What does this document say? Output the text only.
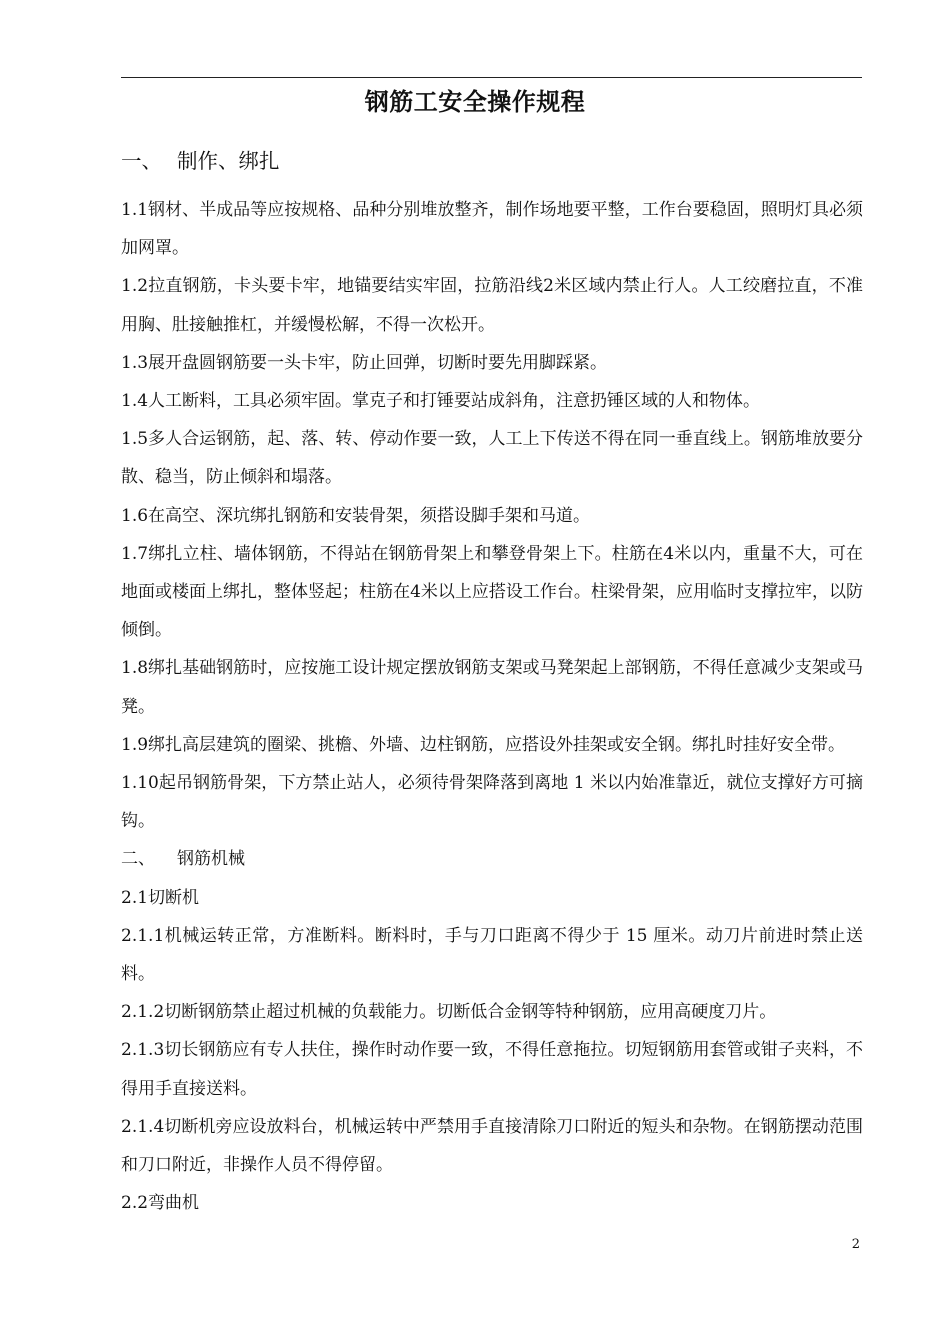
钢筋工安全操作规程
一、 制作、绑扎

1.1钢材、半成品等应按规格、品种分别堆放整齐，制作场地要平整，工作台要稳固，照明灯具必须加网罩。

1.2拉直钢筋，卡头要卡牢，地锚要结实牢固，拉筋沿线2米区域内禁止行人。人工绞磨拉直，不准用胸、肚接触推杠，并缓慢松解，不得一次松开。

1.3展开盘圆钢筋要一头卡牢，防止回弹，切断时要先用脚踩紧。

1.4人工断料，工具必须牢固。掌克子和打锤要站成斜角，注意扔锤区域的人和物体。

1.5多人合运钢筋，起、落、转、停动作要一致，人工上下传送不得在同一垂直线上。钢筋堆放要分散、稳当，防止倾斜和塌落。

1.6在高空、深坑绑扎钢筋和安装骨架，须搭设脚手架和马道。

1.7绑扎立柱、墙体钢筋，不得站在钢筋骨架上和攀登骨架上下。柱筋在4米以内，重量不大，可在地面或楼面上绑扎，整体竖起；柱筋在4米以上应搭设工作台。柱梁骨架，应用临时支撑拉牢，以防倾倒。

1.8绑扎基础钢筋时，应按施工设计规定摆放钢筋支架或马凳架起上部钢筋，不得任意减少支架或马凳。

1.9绑扎高层建筑的圈梁、挑檐、外墙、边柱钢筋，应搭设外挂架或安全钢。绑扎时挂好安全带。

1.10起吊钢筋骨架，下方禁止站人，必须待骨架降落到离地 1 米以内始准靠近，就位支撑好方可摘钩。

二、 钢筋机械

2.1切断机

2.1.1机械运转正常，方准断料。断料时，手与刀口距离不得少于 15 厘米。动刀片前进时禁止送料。

2.1.2切断钢筋禁止超过机械的负载能力。切断低合金钢等特种钢筋，应用高硬度刀片。

2.1.3切长钢筋应有专人扶住，操作时动作要一致，不得任意拖拉。切短钢筋用套管或钳子夹料，不得用手直接送料。

2.1.4切断机旁应设放料台，机械运转中严禁用手直接清除刀口附近的短头和杂物。在钢筋摆动范围和刀口附近，非操作人员不得停留。

2.2弯曲机

2
